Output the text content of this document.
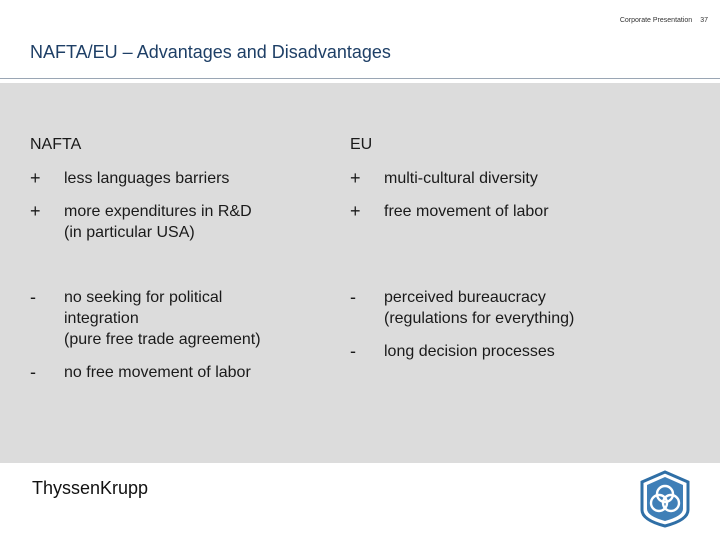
Corporate Presentation 37
NAFTA/EU – Advantages and Disadvantages
NAFTA
+	less languages barriers
+	more expenditures in R&D
(in particular USA)
-	no seeking for political
integration
(pure free trade agreement)
-	no free movement of labor
EU
+	multi-cultural diversity
+	free movement of labor
-	perceived bureaucracy
(regulations for everything)
-	long decision processes
ThyssenKrupp
